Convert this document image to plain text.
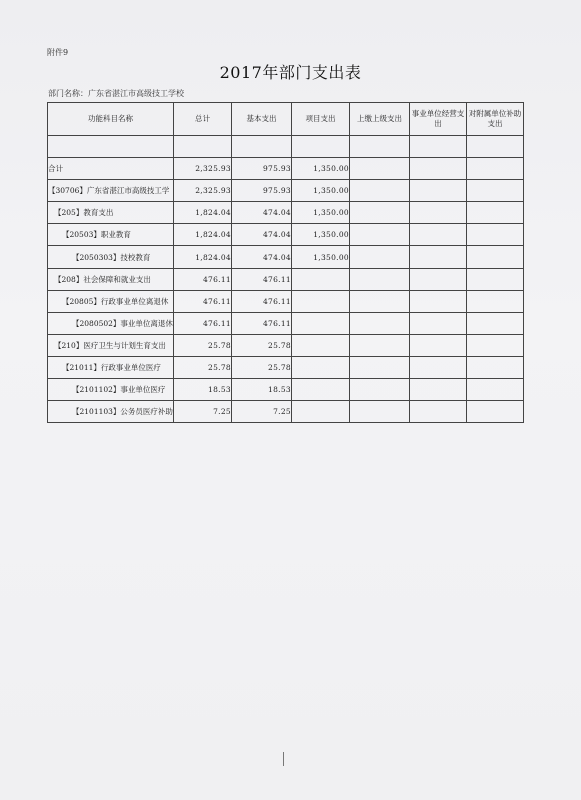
附件9
2017年部门支出表
部门名称：广东省湛江市高级技工学校
功能科目名称	总计	基本支出	项目支出	上缴上级支出	事业单位经营支出	对附属单位补助支出

合计	2,325.93	975.93	1,350.00			
【30706】广东省湛江市高级技工学	2,325.93	975.93	1,350.00			
【205】教育支出	1,824.04	474.04	1,350.00			
【20503】职业教育	1,824.04	474.04	1,350.00			
【2050303】技校教育	1,824.04	474.04	1,350.00			
【208】社会保障和就业支出	476.11	476.11				
【20805】行政事业单位离退休	476.11	476.11				
【2080502】事业单位离退休	476.11	476.11				
【210】医疗卫生与计划生育支出	25.78	25.78				
【21011】行政事业单位医疗	25.78	25.78				
【2101102】事业单位医疗	18.53	18.53				
【2101103】公务员医疗补助	7.25	7.25				
